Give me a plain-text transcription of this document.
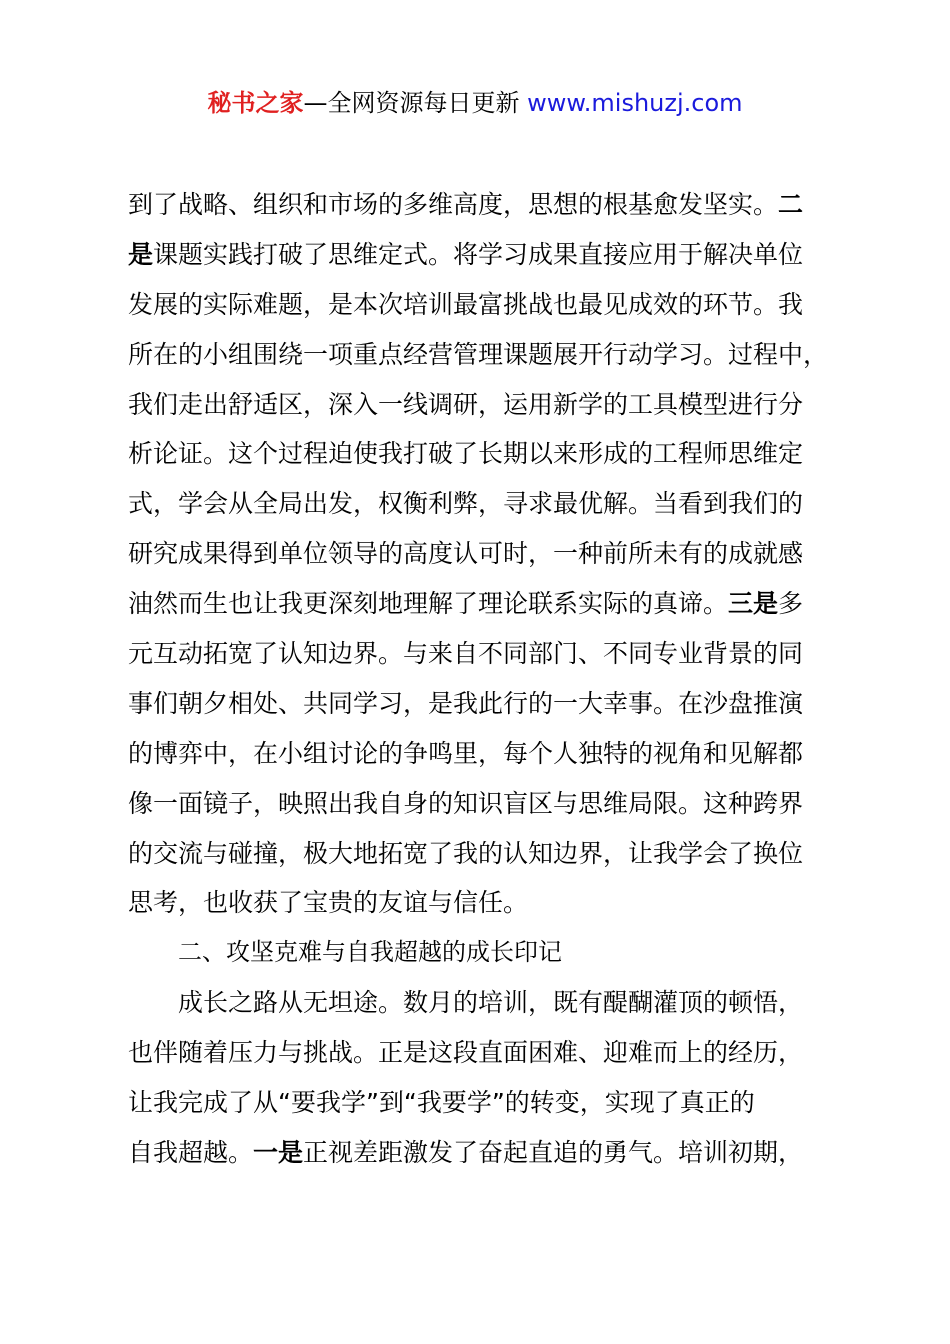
秘书之家—全网资源每日更新 www.mishuzj.com
到了战略、组织和市场的多维高度，思想的根基愈发坚实。二
是课题实践打破了思维定式。将学习成果直接应用于解决单位
发展的实际难题，是本次培训最富挑战也最见成效的环节。我
所在的小组围绕一项重点经营管理课题展开行动学习。过程中，
我们走出舒适区，深入一线调研，运用新学的工具模型进行分
析论证。这个过程迫使我打破了长期以来形成的工程师思维定
式，学会从全局出发，权衡利弊，寻求最优解。当看到我们的
研究成果得到单位领导的高度认可时，一种前所未有的成就感
油然而生也让我更深刻地理解了理论联系实际的真谛。三是多
元互动拓宽了认知边界。与来自不同部门、不同专业背景的同
事们朝夕相处、共同学习，是我此行的一大幸事。在沙盘推演
的博弈中，在小组讨论的争鸣里，每个人独特的视角和见解都
像一面镜子，映照出我自身的知识盲区与思维局限。这种跨界
的交流与碰撞，极大地拓宽了我的认知边界，让我学会了换位
思考，也收获了宝贵的友谊与信任。
二、攻坚克难与自我超越的成长印记
成长之路从无坦途。数月的培训，既有醍醐灌顶的顿悟，
也伴随着压力与挑战。正是这段直面困难、迎难而上的经历，
让我完成了从“要我学”到“我要学”的转变，实现了真正的
自我超越。一是正视差距激发了奋起直追的勇气。培训初期，
